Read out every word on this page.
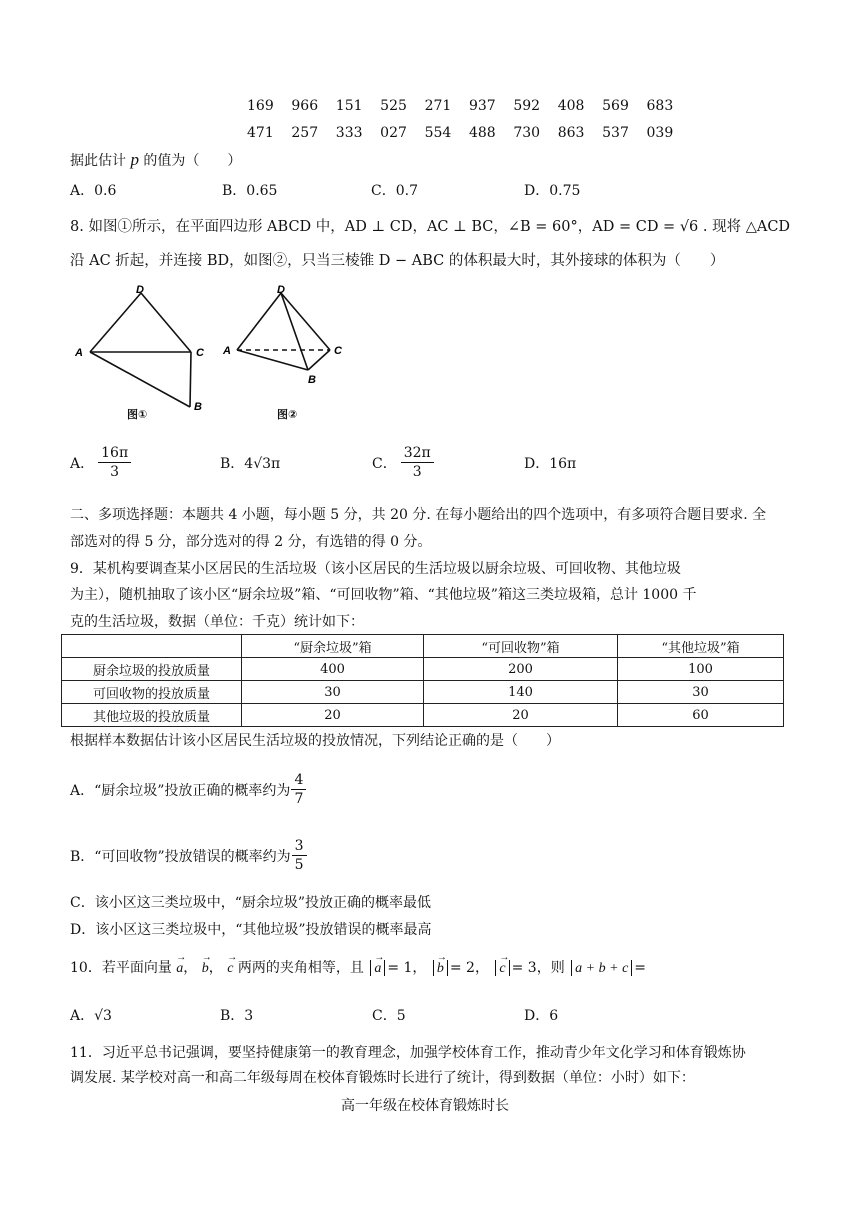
169	966	151	525	271	937	592	408	569	683
471	257	333	027	554	488	730	863	537	039
据此估计 p 的值为（　　）
A．0.6	B．0.65	C．0.7	D．0.75
8. 如图①所示，在平面四边形 ABCD 中，AD ⊥ CD，AC ⊥ BC，∠B = 60°，AD = CD = √6 . 现将 △ACD
沿 AC 折起，并连接 BD，如图②，只当三棱锥 D − ABC 的体积最大时，其外接球的体积为（　　）
D
A	C
B
图①
D
A	C
B
图②
A． $\frac{16\pi}{3}$	B．4√3π	C． $\frac{32\pi}{3}$	D．16π
二、多项选择题：本题共 4 小题，每小题 5 分，共 20 分. 在每小题给出的四个选项中，有多项符合题目要求. 全
部选对的得 5 分，部分选对的得 2 分，有选错的得 0 分。
9．某机构要调查某小区居民的生活垃圾（该小区居民的生活垃圾以厨余垃圾、可回收物、其他垃圾
为主），随机抽取了该小区“厨余垃圾”箱、“可回收物”箱、“其他垃圾”箱这三类垃圾箱，总计 1000 千
克的生活垃圾，数据（单位：千克）统计如下：
	“厨余垃圾”箱	“可回收物”箱	“其他垃圾”箱
厨余垃圾的投放质量	400	200	100
可回收物的投放质量	30	140	30
其他垃圾的投放质量	20	20	60
根据样本数据估计该小区居民生活垃圾的投放情况，下列结论正确的是（　　）
A．“厨余垃圾”投放正确的概率约为 $\frac{4}{7}$
B．“可回收物”投放错误的概率约为 $\frac{3}{5}$
C．该小区这三类垃圾中，“厨余垃圾”投放正确的概率最低
D．该小区这三类垃圾中，“其他垃圾”投放错误的概率最高
10．若平面向量 → a， → b， → c 两两的夹角相等，且 → a = 1， → b = 2， → c = 3，则 a + b + c =
A．√3	B．3	C．5	D．6
11．习近平总书记强调，要坚持健康第一的教育理念，加强学校体育工作，推动青少年文化学习和体育锻炼协
调发展. 某学校对高一和高二年级每周在校体育锻炼时长进行了统计，得到数据（单位：小时）如下：
高一年级在校体育锻炼时长
